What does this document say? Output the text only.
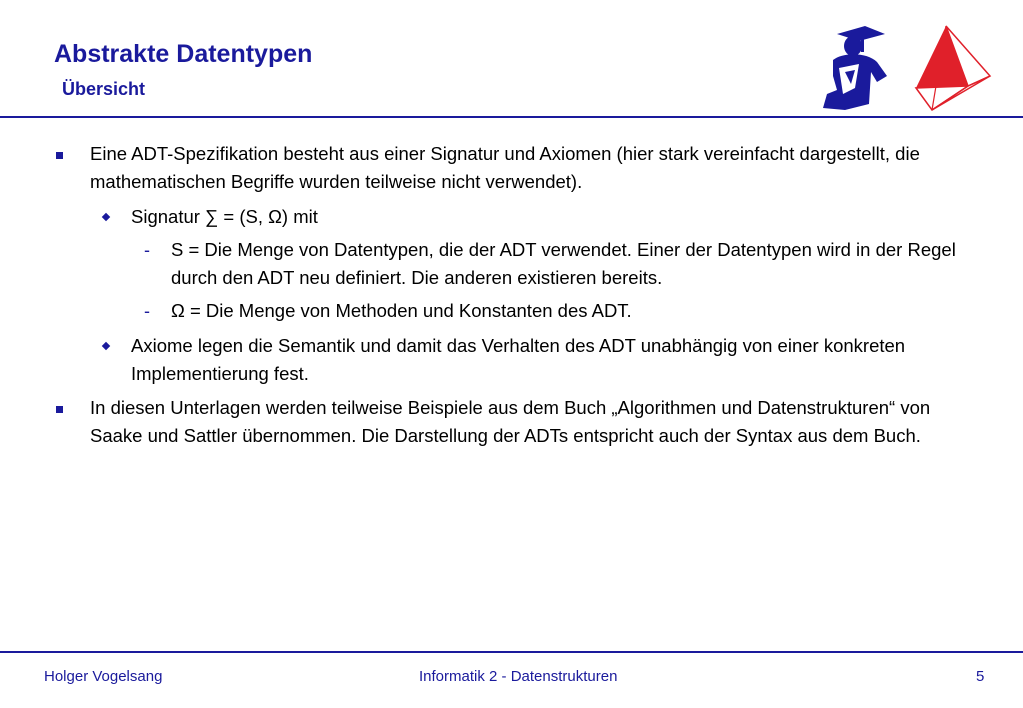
Abstrakte Datentypen
Übersicht
Eine ADT-Spezifikation besteht aus einer Signatur und Axiomen (hier stark vereinfacht dargestellt, die mathematischen Begriffe wurden teilweise nicht verwendet).
Signatur ∑ = (S, Ω) mit
- S = Die Menge von Datentypen, die der ADT verwendet. Einer der Datentypen wird in der Regel durch den ADT neu definiert. Die anderen existieren bereits.
- Ω = Die Menge von Methoden und Konstanten des ADT.
Axiome legen die Semantik und damit das Verhalten des ADT unabhängig von einer konkreten Implementierung fest.
In diesen Unterlagen werden teilweise Beispiele aus dem Buch „Algorithmen und Datenstrukturen“ von Saake und Sattler übernommen. Die Darstellung der ADTs entspricht auch der Syntax aus dem Buch.
Holger Vogelsang	Informatik 2 - Datenstrukturen	5
